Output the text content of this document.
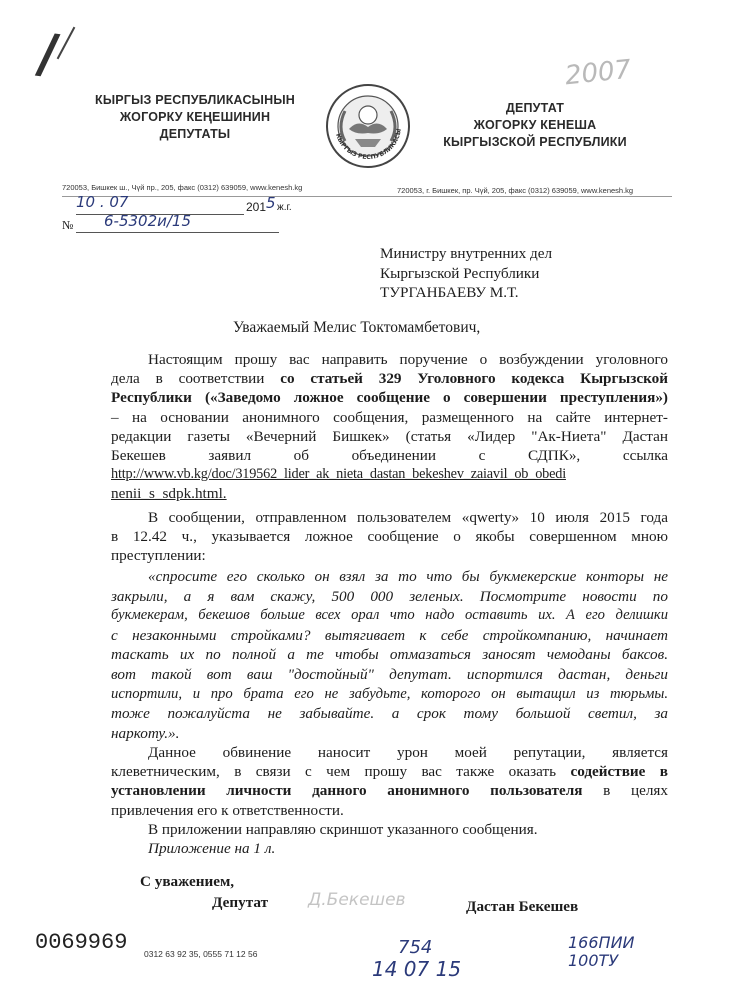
/	2007
КЫРГЫЗ РЕСПУБЛИКАСЫНЫН
ЖОГОРКУ КЕҢЕШИНИН
ДЕПУТАТЫ	КЫРГЫЗ РЕСПУБЛИКАСЫ
ДЕПУТАТ
ЖОГОРКУ КЕНЕША
КЫРГЫЗСКОЙ РЕСПУБЛИКИ
720053, Бишкек ш., Чүй пр., 205, факс (0312) 639059, www.kenesh.kg	720053, г. Бишкек, пр. Чүй, 205, факс (0312) 639059, www.kenesh.kg
10 . 07	201 5 ж.г.
№ 6-5302и/15
Министру внутренних дел
Кыргызской Республики
ТУРГАНБАЕВУ М.Т.
Уважаемый Мелис Токтомамбетович,
Настоящим прошу вас направить поручение о возбуждении уголовного
дела в соответствии со статьей 329 Уголовного кодекса Кыргызской
Республики («Заведомо ложное сообщение о совершении преступления»)
– на основании анонимного сообщения, размещенного на сайте интернет-
редакции газеты «Вечерний Бишкек» (статья «Лидер "Ак-Ниета" Дастан
Бекешев заявил об объединении с СДПК», ссылка
http://www.vb.kg/doc/319562_lider_ak_nieta_dastan_bekeshev_zaiavil_ob_obedi
nenii_s_sdpk.html.
В сообщении, отправленном пользователем «qwerty» 10 июля 2015 года
в 12.42 ч., указывается ложное сообщение о якобы совершенном мною
преступлении:
«спросите его сколько он взял за то что бы букмекерские конторы не
закрыли, а я вам скажу, 500 000 зеленых. Посмотрите новости по
букмекерам, бекешов больше всех орал что надо оставить их. А его делишки
с незаконными стройками? вытягивает к себе стройкомпанию, начинает
таскать их по полной а те чтобы отмазаться заносят чемоданы баксов.
вот такой вот ваш "достойный" депутат. испортился дастан, деньги
испортили, и про брата его не забудьте, которого он вытащил из тюрьмы.
тоже пожалуйста не забывайте. а срок тому большой светил, за
наркоту.».
Данное обвинение наносит урон моей репутации, является
клеветническим, в связи с чем прошу вас также оказать содействие в
установлении личности данного анонимного пользователя в целях
привлечения его к ответственности.
В приложении направляю скриншот указанного сообщения.
Приложение на 1 л.
С уважением,
Депутат Д.Бекешев	Дастан Бекешев
0069969 0312 63 92 35, 0555 71 12 56	754
14 07 15
166ПИИ 100ТУ
